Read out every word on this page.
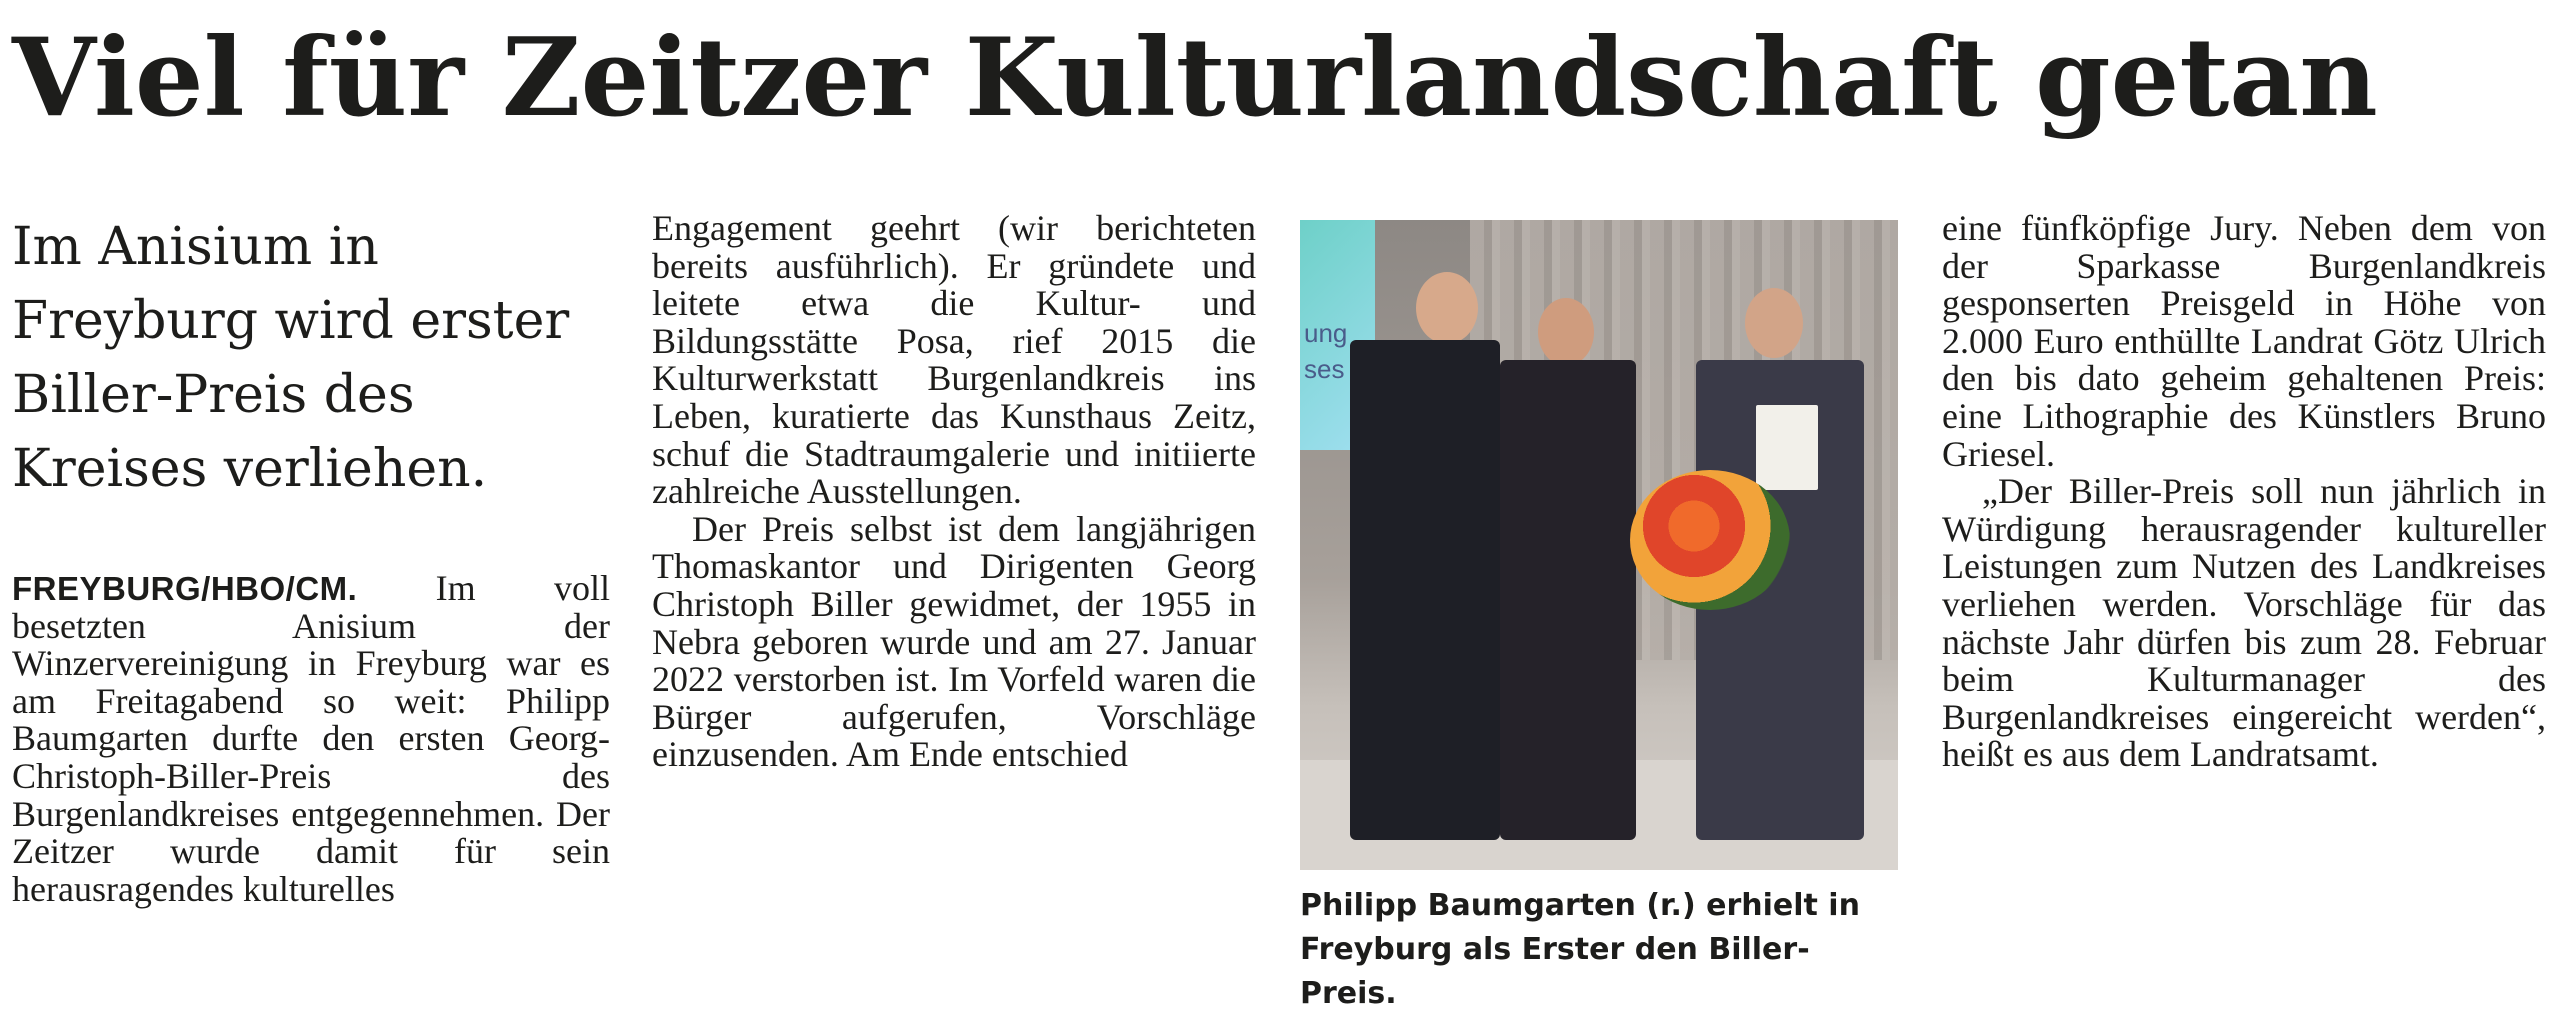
Viel für Zeitzer Kulturlandschaft getan
Im Anisium in Freyburg wird erster Biller-Preis des Kreises verliehen.

FREYBURG/HBO/CM. Im voll besetzten Anisium der Winzervereinigung in Freyburg war es am Freitagabend so weit: Philipp Baumgarten durfte den ersten Georg-Christoph-Biller-Preis des Burgenlandkreises entgegennehmen. Der Zeitzer wurde damit für sein herausragendes kulturelles

Engagement geehrt (wir berichteten bereits ausführlich). Er gründete und leitete etwa die Kultur- und Bildungsstätte Posa, rief 2015 die Kulturwerkstatt Burgenlandkreis ins Leben, kuratierte das Kunsthaus Zeitz, schuf die Stadtraumgalerie und initiierte zahlreiche Ausstellungen.

Der Preis selbst ist dem langjährigen Thomaskantor und Dirigenten Georg Christoph Biller gewidmet, der 1955 in Nebra geboren wurde und am 27. Januar 2022 verstorben ist. Im Vorfeld waren die Bürger aufgerufen, Vorschläge einzusenden. Am Ende entschied

ung
ses

Philipp Baumgarten (r.) erhielt in Freyburg als Erster den Biller-Preis.

eine fünfköpfige Jury. Neben dem von der Sparkasse Burgenlandkreis gesponserten Preisgeld in Höhe von 2.000 Euro enthüllte Landrat Götz Ulrich den bis dato geheim gehaltenen Preis: eine Lithographie des Künstlers Bruno Griesel.

„Der Biller-Preis soll nun jährlich in Würdigung herausragender kultureller Leistungen zum Nutzen des Landkreises verliehen werden. Vorschläge für das nächste Jahr dürfen bis zum 28. Februar beim Kulturmanager des Burgenlandkreises eingereicht werden“, heißt es aus dem Landratsamt.
